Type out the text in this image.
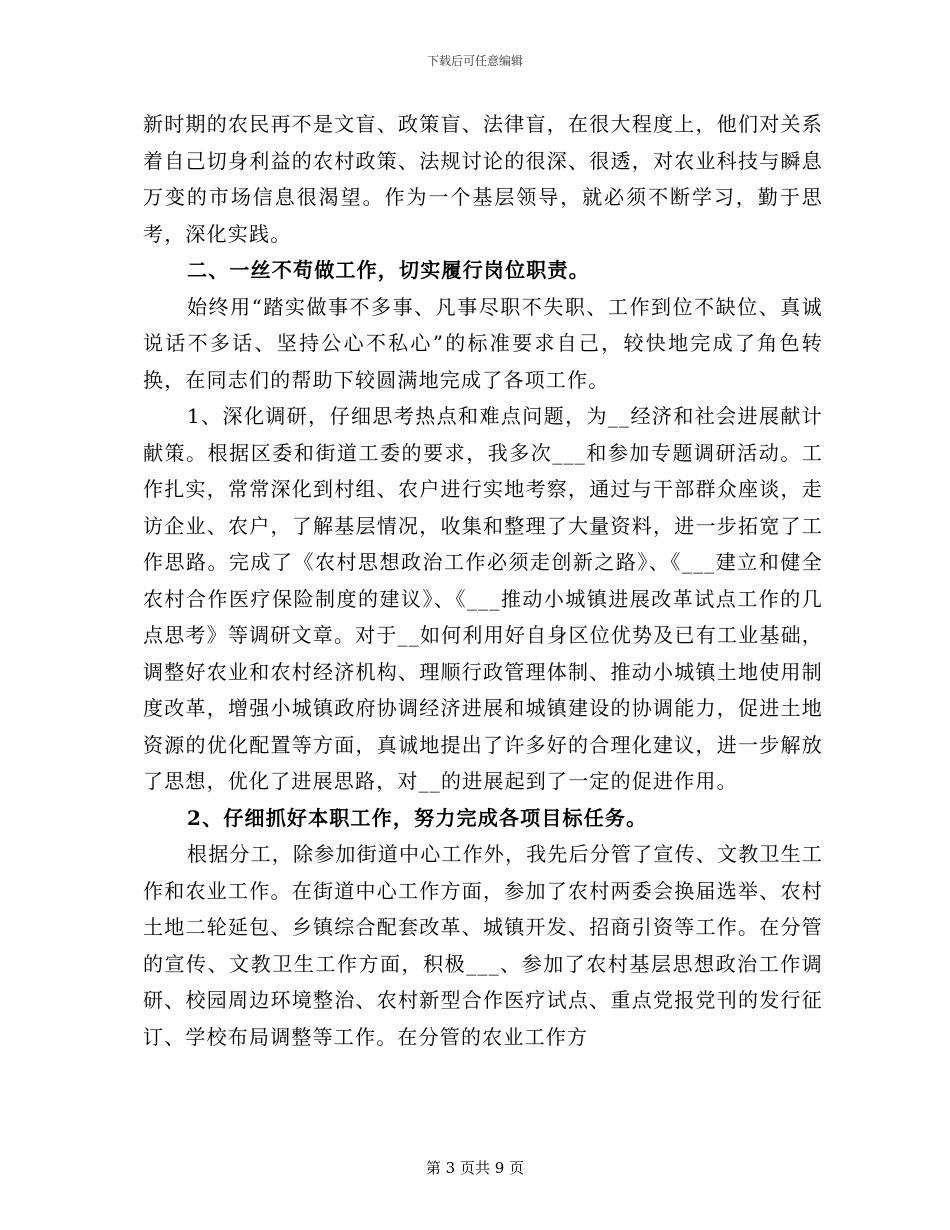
下载后可任意编辑

新时期的农民再不是文盲、政策盲、法律盲，在很大程度上，他们对关系着自己切身利益的农村政策、法规讨论的很深、很透，对农业科技与瞬息万变的市场信息很渴望。作为一个基层领导，就必须不断学习，勤于思考，深化实践。

二、一丝不苟做工作，切实履行岗位职责。

始终用“踏实做事不多事、凡事尽职不失职、工作到位不缺位、真诚说话不多话、坚持公心不私心”的标准要求自己，较快地完成了角色转换，在同志们的帮助下较圆满地完成了各项工作。

1、深化调研，仔细思考热点和难点问题，为__经济和社会进展献计献策。根据区委和街道工委的要求，我多次___和参加专题调研活动。工作扎实，常常深化到村组、农户进行实地考察，通过与干部群众座谈，走访企业、农户，了解基层情况，收集和整理了大量资料，进一步拓宽了工作思路。完成了《农村思想政治工作必须走创新之路》、《___建立和健全农村合作医疗保险制度的建议》、《___推动小城镇进展改革试点工作的几点思考》等调研文章。对于__如何利用好自身区位优势及已有工业基础，调整好农业和农村经济机构、理顺行政管理体制、推动小城镇土地使用制度改革，增强小城镇政府协调经济进展和城镇建设的协调能力，促进土地资源的优化配置等方面，真诚地提出了许多好的合理化建议，进一步解放了思想，优化了进展思路，对__的进展起到了一定的促进作用。

2、仔细抓好本职工作，努力完成各项目标任务。

根据分工，除参加街道中心工作外，我先后分管了宣传、文教卫生工作和农业工作。在街道中心工作方面，参加了农村两委会换届选举、农村土地二轮延包、乡镇综合配套改革、城镇开发、招商引资等工作。在分管的宣传、文教卫生工作方面，积极___、参加了农村基层思想政治工作调研、校园周边环境整治、农村新型合作医疗试点、重点党报党刊的发行征订、学校布局调整等工作。在分管的农业工作方

第 3 页共 9 页
